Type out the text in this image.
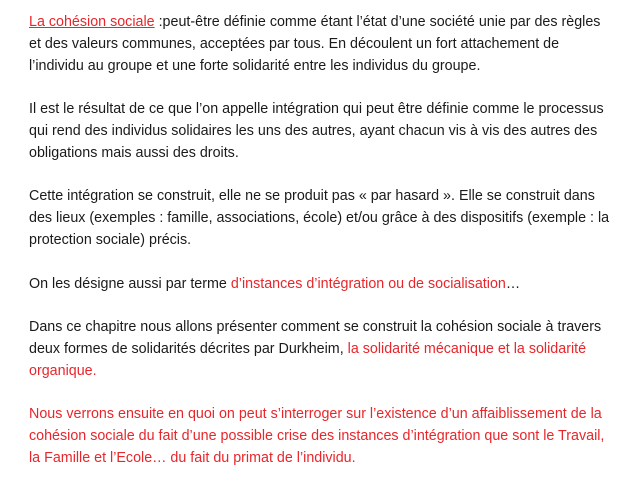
La cohésion sociale :peut-être définie comme étant l’état d’une société unie par des règles et des valeurs communes, acceptées par tous. En découlent un fort attachement de l’individu au groupe et une forte solidarité entre les individus du groupe.

Il est le résultat de ce que l’on appelle intégration qui peut être définie comme le processus qui rend des individus solidaires les uns des autres, ayant chacun vis à vis des autres des obligations mais aussi des droits.

Cette intégration se construit, elle ne se produit pas « par hasard ». Elle se construit dans des lieux (exemples : famille, associations, école) et/ou grâce à des dispositifs (exemple : la protection sociale) précis.

On les désigne aussi par terme d’instances d’intégration ou de socialisation…

Dans ce chapitre nous allons présenter comment se construit la cohésion sociale à travers deux formes de solidarités décrites par Durkheim, la solidarité mécanique et la solidarité organique.

Nous verrons ensuite en quoi on peut s’interroger sur l’existence d’un affaiblissement de la cohésion sociale du fait d’une possible crise des instances d’intégration que sont le Travail, la Famille et l’Ecole… du fait du primat de l’individu.
